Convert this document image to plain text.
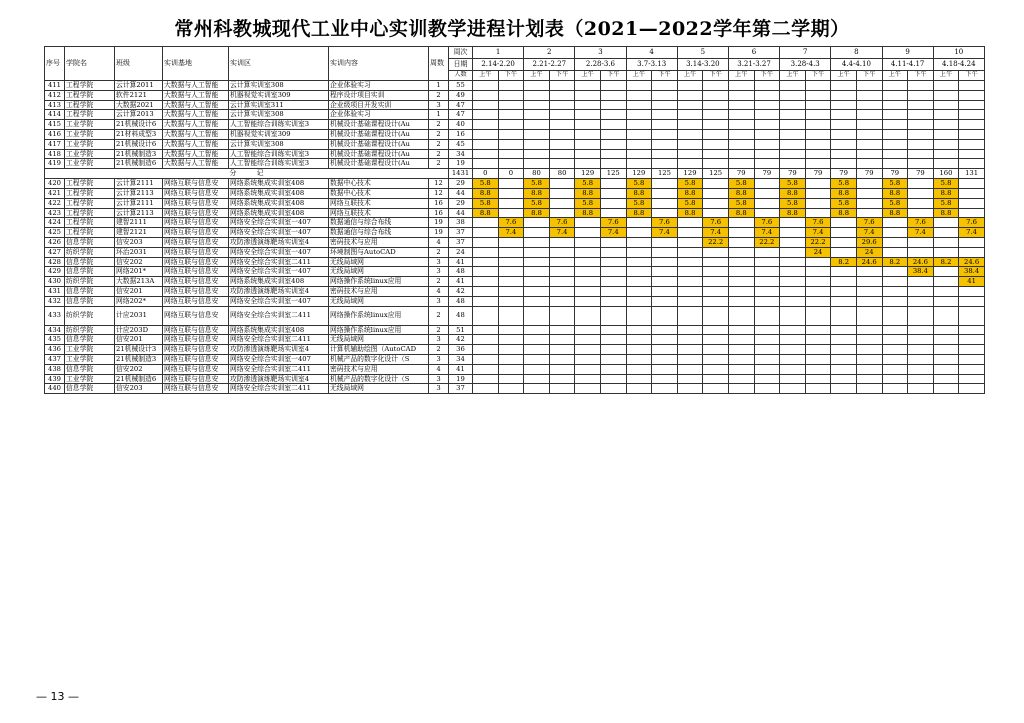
常州科教城现代工业中心实训教学进程计划表（2021—2022学年第二学期）
序号	学院名	班级	实训基地	实训区	实训内容	周数	周次	1		2		3		4		5		6		7		8		9		10	
							日期	2.14-2.20		2.21-2.27		2.28-3.6		3.7-3.13		3.14-3.20		3.21-3.27		3.28-4.3		4.4-4.10		4.11-4.17		4.18-4.24	
							人数	上午	下午	上午	下午	上午	下午	上午	下午	上午	下午	上午	下午	上午	下午	上午	下午	上午	下午	上午	下午
411	工程学院	云计算2011	大数据与人工智能	云计算实训室308	企业体验实习	1	55																				
412	工程学院	软件2121	大数据与人工智能	机器视觉实训室309	程序设计项目实训	2	49																				
413	工程学院	大数据2021	大数据与人工智能	云计算实训室311	企业级项目开发实训	3	47																				
414	工程学院	云计算2013	大数据与人工智能	云计算实训室308	企业体验实习	1	47																				
415	工业学院	21机械设计6	大数据与人工智能	人工智能综合训练实训室3	机械设计基础课程设计(Au	2	40																				
416	工业学院	21材料成型3	大数据与人工智能	机器视觉实训室309	机械设计基础课程设计(Au	2	16																				
417	工业学院	21机械设计6	大数据与人工智能	云计算实训室308	机械设计基础课程设计(Au	2	45																				
418	工业学院	21机械制造3	大数据与人工智能	人工智能综合训练实训室3	机械设计基础课程设计(Au	2	34																				
419	工业学院	21机械制造6	大数据与人工智能	人工智能综合训练实训室3	机械设计基础课程设计(Au	2	19																				
分　　　记							1431	0	0	80	80	129	125	129	125	129	125	79	79	79	79	79	79	79	79	160	131
420	工程学院	云计算2111	网络互联与信息安	网络系统集成实训室408	数据中心技术	12	29	5.8		5.8		5.8		5.8		5.8		5.8		5.8		5.8		5.8		5.8	
421	工程学院	云计算2113	网络互联与信息安	网络系统集成实训室408	数据中心技术	12	44	8.8		8.8		8.8		8.8		8.8		8.8		8.8		8.8		8.8		8.8	
422	工程学院	云计算2111	网络互联与信息安	网络系统集成实训室408	网络互联技术	16	29	5.8		5.8		5.8		5.8		5.8		5.8		5.8		5.8		5.8		5.8	
423	工程学院	云计算2113	网络互联与信息安	网络系统集成实训室408	网络互联技术	16	44	8.8		8.8		8.8		8.8		8.8		8.8		8.8		8.8		8.8		8.8	
424	工程学院	建智2111	网络互联与信息安	网络安全综合实训室一407	数据通信与综合布线	19	38		7.6		7.6		7.6		7.6		7.6		7.6		7.6		7.6		7.6		7.6
425	工程学院	建智2121	网络互联与信息安	网络安全综合实训室一407	数据通信与综合布线	19	37		7.4		7.4		7.4		7.4		7.4		7.4		7.4		7.4		7.4		7.4
426	信息学院	信安203	网络互联与信息安	攻防渗透演练靶场实训室4	密码技术与应用	4	37										22.2		22.2		22.2		29.6				
427	纺织学院	环治2031	网络互联与信息安	网络安全综合实训室一407	环境制图与AutoCAD	2	24														24		24				
428	信息学院	信安202	网络互联与信息安	网络安全综合实训室二411	无线局域网	3	41															8.2	24.6	8.2	24.6	8.2	24.6
429	信息学院	网络201*	网络互联与信息安	网络安全综合实训室一407	无线局域网	3	48																		38.4		38.4
430	纺织学院	大数据213A	网络互联与信息安	网络系统集成实训室408	网络操作系统linux应用	2	41																				41
431	信息学院	信安201	网络互联与信息安	攻防渗透演练靶场实训室4	密码技术与应用	4	42																				
432	信息学院	网络202*	网络互联与信息安	网络安全综合实训室一407	无线局域网	3	48																				
433	纺织学院	计应2031	网络互联与信息安	网络安全综合实训室二411	网络操作系统linux应用	2	48																				
434	纺织学院	计应203D	网络互联与信息安	网络系统集成实训室408	网络操作系统linux应用	2	51																				
435	信息学院	信安201	网络互联与信息安	网络安全综合实训室二411	无线局域网	3	42																				
436	工业学院	21机械设计3	网络互联与信息安	攻防渗透演练靶场实训室4	计算机辅助绘图（AutoCAD	2	36																				
437	工业学院	21机械制造3	网络互联与信息安	网络安全综合实训室一407	机械产品的数字化设计（S	3	34																				
438	信息学院	信安202	网络互联与信息安	网络安全综合实训室二411	密码技术与应用	4	41																				
439	工业学院	21机械制造6	网络互联与信息安	攻防渗透演练靶场实训室4	机械产品的数字化设计（S	3	19																				
440	信息学院	信安203	网络互联与信息安	网络安全综合实训室二411	无线局域网	3	37																				
— 13 —
